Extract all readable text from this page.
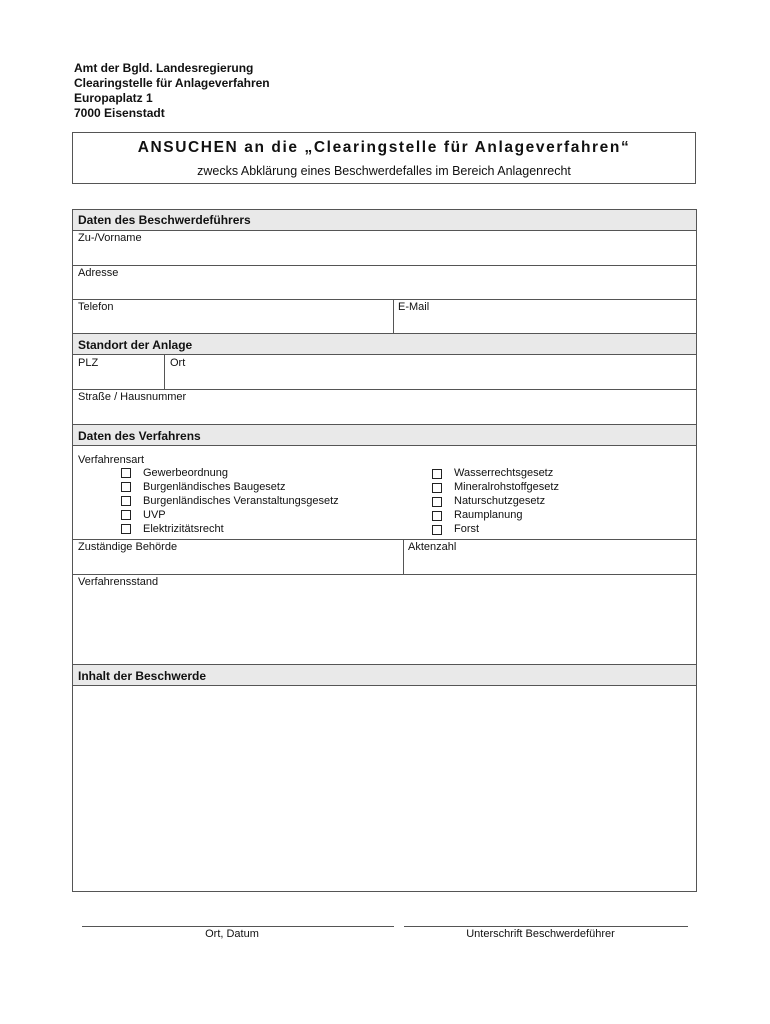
Amt der Bgld. Landesregierung
Clearingstelle für Anlageverfahren
Europaplatz 1
7000 Eisenstadt
ANSUCHEN an die „Clearingstelle für Anlageverfahren“
zwecks Abklärung eines Beschwerdefalles im Bereich Anlagenrecht
Daten des Beschwerdeführers
Zu-/Vorname
Adresse
Telefon	E-Mail
Standort der Anlage
PLZ	Ort
Straße / Hausnummer
Daten des Verfahrens
Verfahrensart
Gewerbeordnung
Burgenländisches Baugesetz
Burgenländisches Veranstaltungsgesetz
UVP
Elektrizitätsrecht
Wasserrechtsgesetz
Mineralrohstoffgesetz
Naturschutzgesetz
Raumplanung
Forst
Zuständige Behörde	Aktenzahl
Verfahrensstand
Inhalt der Beschwerde
Ort, Datum	Unterschrift Beschwerdeführer
